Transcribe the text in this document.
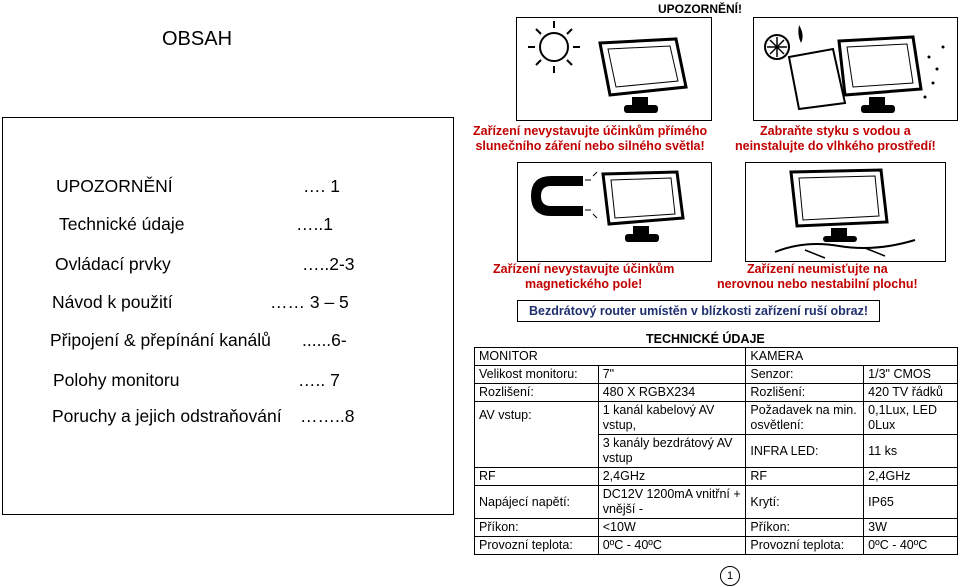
OBSAH
UPOZORNĚNÍ	…. 1
Technické údaje	…..1
Ovládací prvky	…..2-3
Návod k použití	…… 3 – 5
Připojení & přepínání kanálů ......6-
Polohy monitoru	….. 7
Poruchy a jejich odstraňování ……..8
UPOZORNĚNÍ!
Zařízení nevystavujte účinkům přímého
slunečního záření nebo silného světla!
Zabraňte styku s vodou a
neinstalujte do vlhkého prostředí!
Zařízení nevystavujte účinkům
magnetického pole!
Zařízení neumisťujte na
nerovnou nebo nestabilní plochu!
Bezdrátový router umístěn v blízkosti zařízení ruší obraz!
TECHNICKÉ ÚDAJE
MONITOR		KAMERA	
Velikost monitoru:	7"	Senzor:	1/3" CMOS
Rozlišení:	480 X RGBX234	Rozlišení:	420 TV řádků
AV vstup:	1 kanál kabelový AV vstup,	Požadavek na min. osvětlení:	0,1Lux, LED 0Lux
	3 kanály bezdrátový AV vstup	INFRA LED:	11 ks
RF	2,4GHz	RF	2,4GHz
Napájecí napětí:	DC12V 1200mA vnitřní + vnější -	Krytí:	IP65
Příkon:	<10W	Příkon:	3W
Provozní teplota:	0ºC - 40ºC	Provozní teplota:	0ºC - 40ºC
1
